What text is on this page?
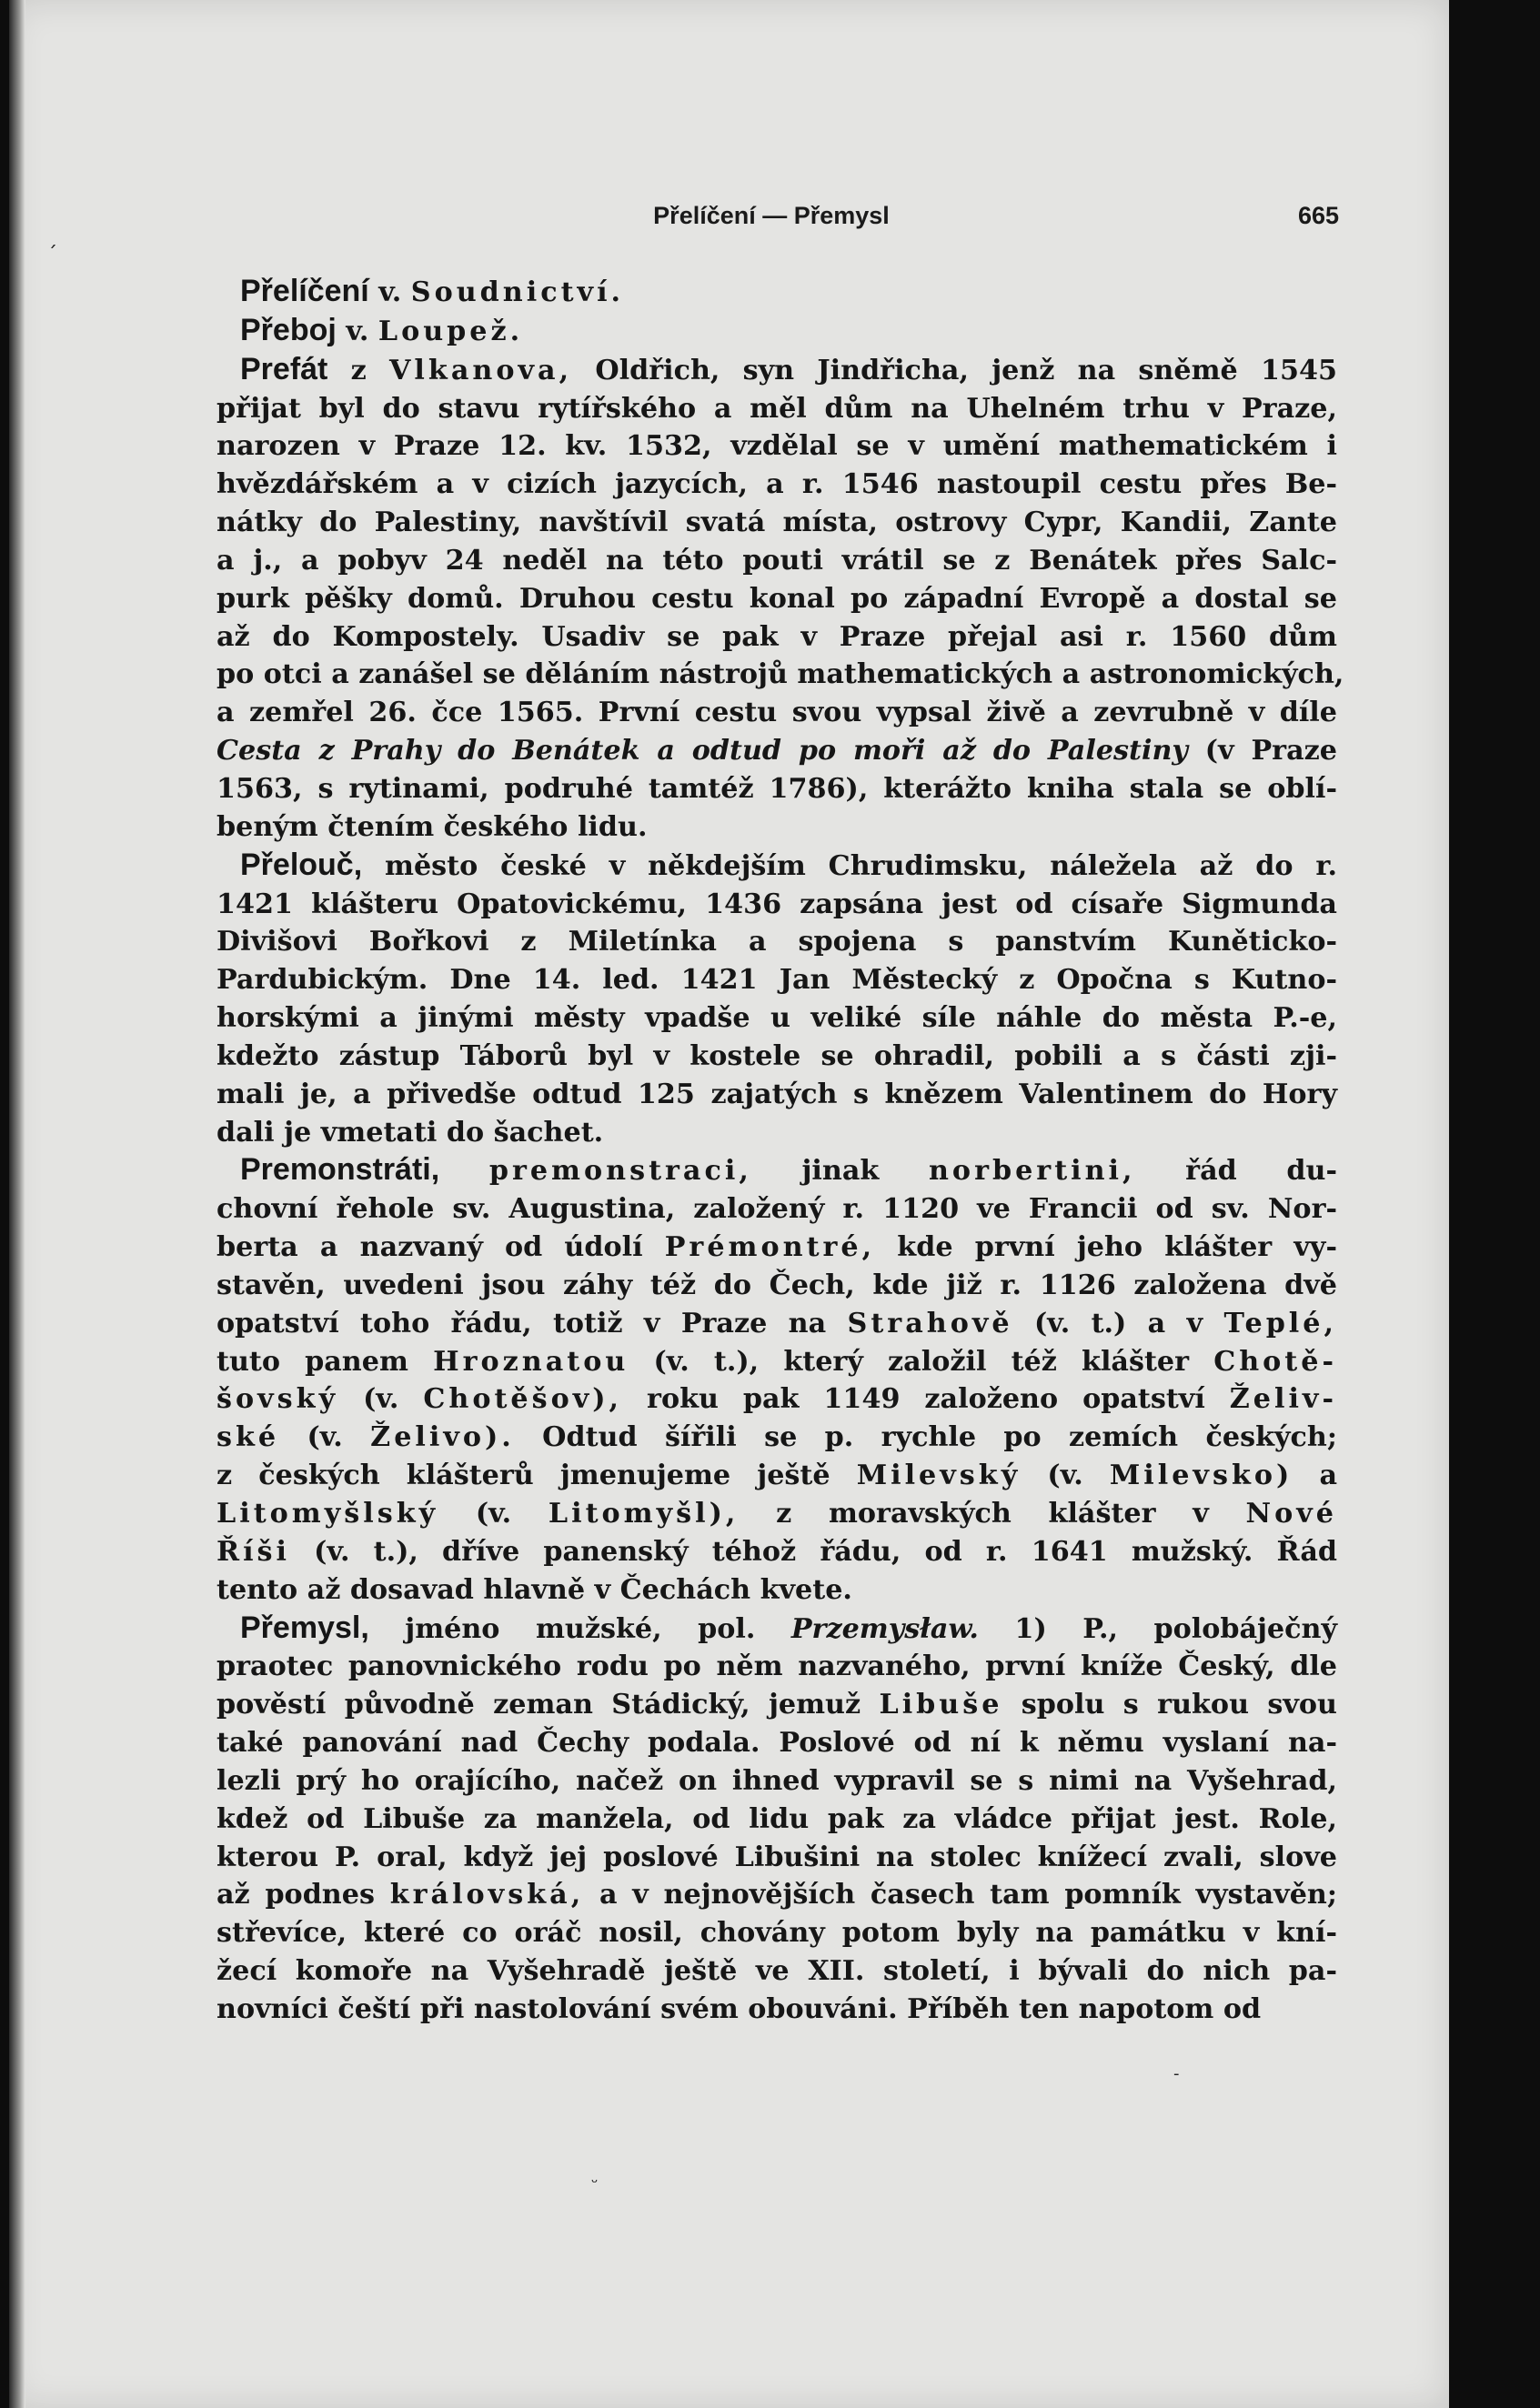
Přelíčení — Přemysl	665
ˊ
ᵕ
-
Přelíčení v. Soudnictví.
Přeboj v. Loupež.
Prefát z Vlkanova, Oldřich, syn Jindřicha, jenž na sněmě 1545
přijat byl do stavu rytířského a měl dům na Uhelném trhu v Praze,
narozen v Praze 12. kv. 1532, vzdělal se v umění mathematickém i
hvězdářském a v cizích jazycích, a r. 1546 nastoupil cestu přes Be-
nátky do Palestiny, navštívil svatá místa, ostrovy Cypr, Kandii, Zante
a j., a pobyv 24 neděl na této pouti vrátil se z Benátek přes Salc-
purk pěšky domů. Druhou cestu konal po západní Evropě a dostal se
až do Kompostely. Usadiv se pak v Praze přejal asi r. 1560 dům
po otci a zanášel se děláním nástrojů mathematických a astronomických,
a zemřel 26. čce 1565. První cestu svou vypsal živě a zevrubně v díle
Cesta z Prahy do Benátek a odtud po moři až do Palestiny (v Praze
1563, s rytinami, podruhé tamtéž 1786), kterážto kniha stala se oblí-
beným čtením českého lidu.
Přelouč, město české v někdejším Chrudimsku, náležela až do r.
1421 klášteru Opatovickému, 1436 zapsána jest od císaře Sigmunda
Divišovi Bořkovi z Miletínka a spojena s panstvím Kuněticko-
Pardubickým. Dne 14. led. 1421 Jan Městecký z Opočna s Kutno-
horskými a jinými městy vpadše u veliké síle náhle do města P.-e,
kdežto zástup Táborů byl v kostele se ohradil, pobili a s části zji-
mali je, a přivedše odtud 125 zajatých s knězem Valentinem do Hory
dali je vmetati do šachet.
Premonstráti, premonstraci, jinak norbertini, řád du-
chovní řehole sv. Augustina, založený r. 1120 ve Francii od sv. Nor-
berta a nazvaný od údolí Prémontré, kde první jeho klášter vy-
stavěn, uvedeni jsou záhy též do Čech, kde již r. 1126 založena dvě
opatství toho řádu, totiž v Praze na Strahově (v. t.) a v Teplé,
tuto panem Hroznatou (v. t.), který založil též klášter Chotě-
šovský (v. Chotěšov), roku pak 1149 založeno opatství Želiv-
ské (v. Želivo). Odtud šířili se p. rychle po zemích českých;
z českých klášterů jmenujeme ještě Milevský (v. Milevsko) a
Litomyšlský (v. Litomyšl), z moravských klášter v Nové
Říši (v. t.), dříve panenský téhož řádu, od r. 1641 mužský. Řád
tento až dosavad hlavně v Čechách kvete.
Přemysl, jméno mužské, pol. Przemysław. 1) P., polobáječný
praotec panovnického rodu po něm nazvaného, první kníže Český, dle
pověstí původně zeman Stádický, jemuž Libuše spolu s rukou svou
také panování nad Čechy podala. Poslové od ní k němu vyslaní na-
lezli prý ho orajícího, načež on ihned vypravil se s nimi na Vyšehrad,
kdež od Libuše za manžela, od lidu pak za vládce přijat jest. Role,
kterou P. oral, když jej poslové Libušini na stolec knížecí zvali, slove
až podnes královská, a v nejnovějších časech tam pomník vystavěn;
střevíce, které co oráč nosil, chovány potom byly na památku v kní-
žecí komoře na Vyšehradě ještě ve XII. století, i bývali do nich pa-
novníci čeští při nastolování svém obouváni. Příběh ten napotom od
